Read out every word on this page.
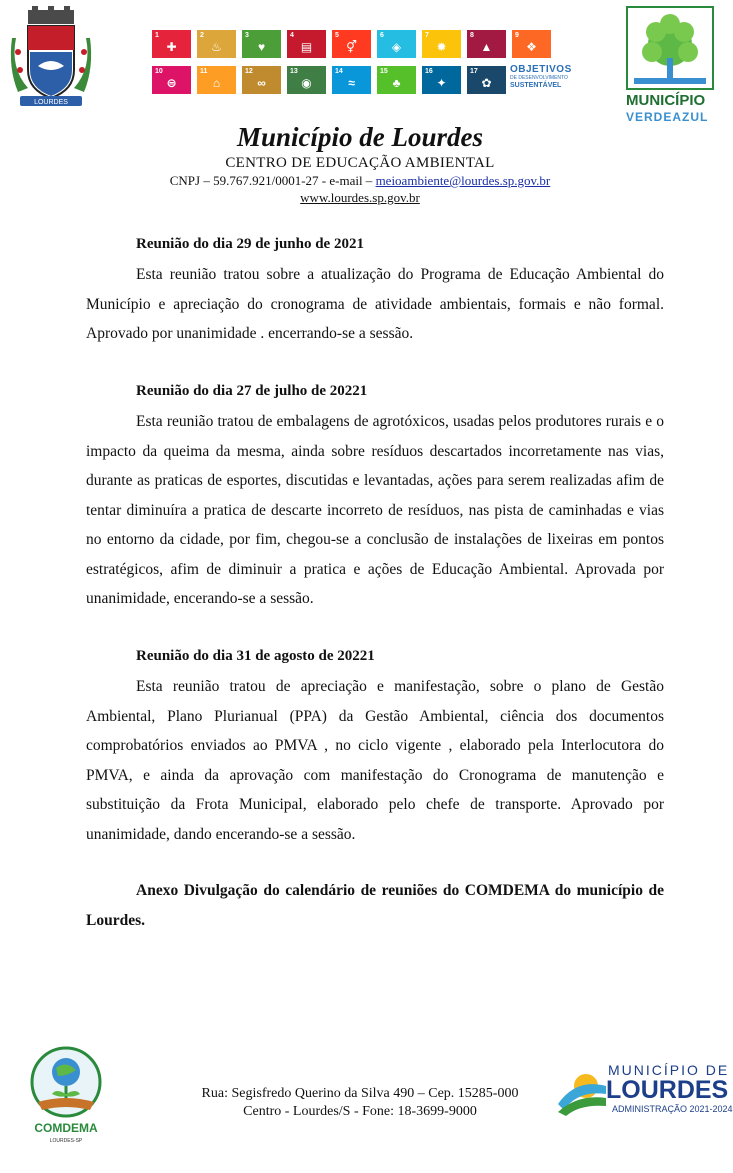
LOURDES
1
✚
2
♨
3
♥
4
▤
5
⚥
6
◈
7
✹
8
▲
9
❖
10
⊜
11
⌂
12
∞
13
◉
14
≈
15
♣
16
✦
17
✿
OBJETIVOS
DE DESENVOLVIMENTO
SUSTENTÁVEL
MUNICÍPIO
VERDEAZUL
Município de Lourdes
CENTRO DE EDUCAÇÃO AMBIENTAL
CNPJ – 59.767.921/0001-27 - e-mail – meioambiente@lourdes.sp.gov.br
www.lourdes.sp.gov.br
Reunião do dia 29 de junho de 2021
Esta reunião tratou sobre a atualização do Programa de Educação Ambiental do Município e apreciação do cronograma de atividade ambientais, formais e não formal. Aprovado por unanimidade . encerrando-se a sessão.
Reunião do dia 27 de julho de 20221
Esta reunião tratou de embalagens de agrotóxicos, usadas pelos produtores rurais e o impacto da queima da mesma, ainda sobre resíduos descartados incorretamente nas vias, durante as praticas de esportes, discutidas e levantadas, ações para serem realizadas afim de tentar diminuíra a pratica de descarte incorreto de resíduos, nas pista de caminhadas e vias no entorno da cidade, por fim, chegou-se a conclusão de instalações de lixeiras em pontos estratégicos, afim de diminuir a pratica e ações de Educação Ambiental. Aprovada por unanimidade, encerando-se a sessão.
Reunião do dia 31 de agosto de 20221
Esta reunião tratou de apreciação e manifestação, sobre o plano de Gestão Ambiental, Plano Plurianual (PPA) da Gestão Ambiental, ciência dos documentos comprobatórios enviados ao PMVA , no ciclo vigente , elaborado pela Interlocutora do PMVA, e ainda da aprovação com manifestação do Cronograma de manutenção e substituição da Frota Municipal, elaborado pelo chefe de transporte. Aprovado por unanimidade, dando encerando-se a sessão.
Anexo Divulgação do calendário de reuniões do COMDEMA do município de Lourdes.
COMDEMA
LOURDES-SP
Rua: Segisfredo Querino da Silva 490 – Cep. 15285-000
Centro - Lourdes/S - Fone: 18-3699-9000
MUNICÍPIO DE
LOURDES
ADMINISTRAÇÃO 2021-2024
